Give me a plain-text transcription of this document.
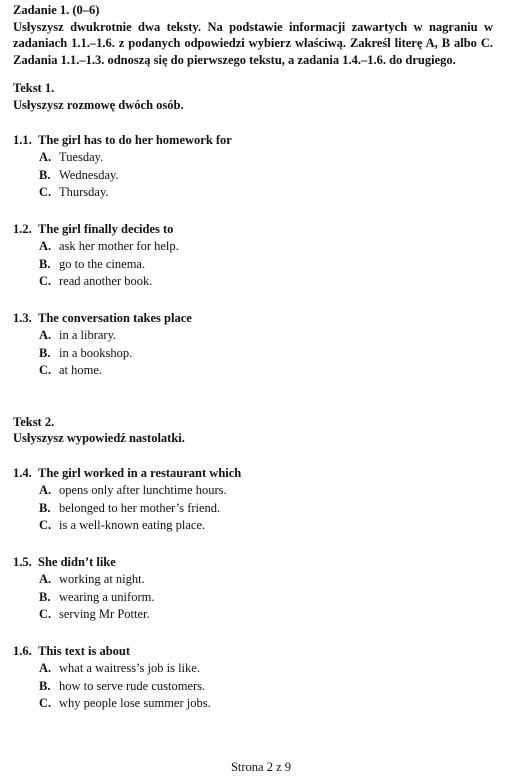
Zadanie 1. (0–6)
Usłyszysz dwukrotnie dwa teksty. Na podstawie informacji zawartych w nagraniu w zadaniach 1.1.–1.6. z podanych odpowiedzi wybierz właściwą. Zakreśl literę A, B albo C. Zadania 1.1.–1.3. odnoszą się do pierwszego tekstu, a zadania 1.4.–1.6. do drugiego.
Tekst 1.
Usłyszysz rozmowę dwóch osób.
1.1. The girl has to do her homework for
A. Tuesday.
B. Wednesday.
C. Thursday.
1.2. The girl finally decides to
A. ask her mother for help.
B. go to the cinema.
C. read another book.
1.3. The conversation takes place
A. in a library.
B. in a bookshop.
C. at home.
Tekst 2.
Usłyszysz wypowiedź nastolatki.
1.4. The girl worked in a restaurant which
A. opens only after lunchtime hours.
B. belonged to her mother’s friend.
C. is a well-known eating place.
1.5. She didn’t like
A. working at night.
B. wearing a uniform.
C. serving Mr Potter.
1.6. This text is about
A. what a waitress’s job is like.
B. how to serve rude customers.
C. why people lose summer jobs.
Strona 2 z 9
